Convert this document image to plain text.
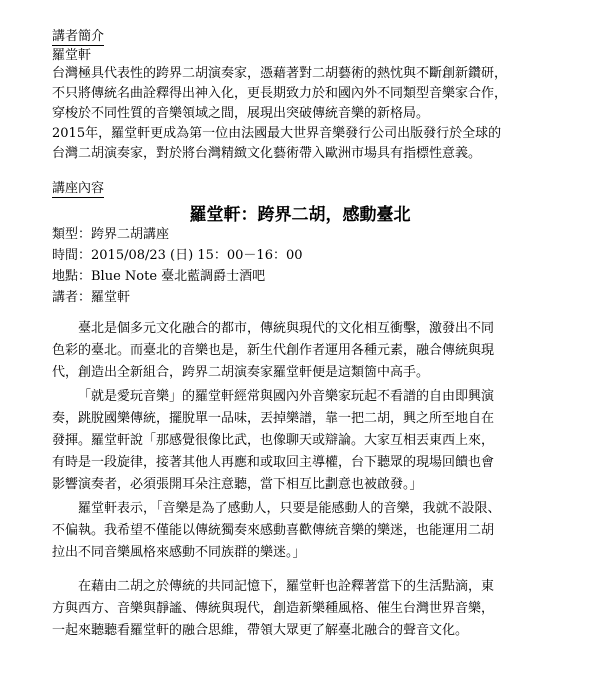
講者簡介
羅堂軒
台灣極具代表性的跨界二胡演奏家，憑藉著對二胡藝術的熱忱與不斷創新鑽研，
不只將傳統名曲詮釋得出神入化，更長期致力於和國內外不同類型音樂家合作，
穿梭於不同性質的音樂領域之間，展現出突破傳統音樂的新格局。
2015年，羅堂軒更成為第一位由法國最大世界音樂發行公司出版發行於全球的
台灣二胡演奏家，對於將台灣精緻文化藝術帶入歐洲市場具有指標性意義。
講座內容
羅堂軒：跨界二胡，感動臺北
類型：跨界二胡講座
時間：2015/08/23 (日) 15：00－16：00
地點：Blue Note 臺北藍調爵士酒吧
講者：羅堂軒
臺北是個多元文化融合的都市，傳統與現代的文化相互衝擊，激發出不同
色彩的臺北。而臺北的音樂也是，新生代創作者運用各種元素，融合傳統與現
代，創造出全新組合，跨界二胡演奏家羅堂軒便是這類箇中高手。
「就是愛玩音樂」的羅堂軒經常與國內外音樂家玩起不看譜的自由即興演
奏，跳脫國樂傳統，擺脫單一品味，丟掉樂譜，靠一把二胡，興之所至地自在
發揮。羅堂軒說「那感覺很像比武，也像聊天或辯論。大家互相丟東西上來，
有時是一段旋律，接著其他人再應和或取回主導權，台下聽眾的現場回饋也會
影響演奏者，必須張開耳朵注意聽，當下相互比劃意也被啟發。」
羅堂軒表示，「音樂是為了感動人，只要是能感動人的音樂，我就不設限、
不偏執。我希望不僅能以傳統獨奏來感動喜歡傳統音樂的樂迷，也能運用二胡
拉出不同音樂風格來感動不同族群的樂迷。」
在藉由二胡之於傳統的共同記憶下，羅堂軒也詮釋著當下的生活點滴，東
方與西方、音樂與靜謐、傳統與現代，創造新樂種風格、催生台灣世界音樂，
一起來聽聽看羅堂軒的融合思維，帶領大眾更了解臺北融合的聲音文化。
